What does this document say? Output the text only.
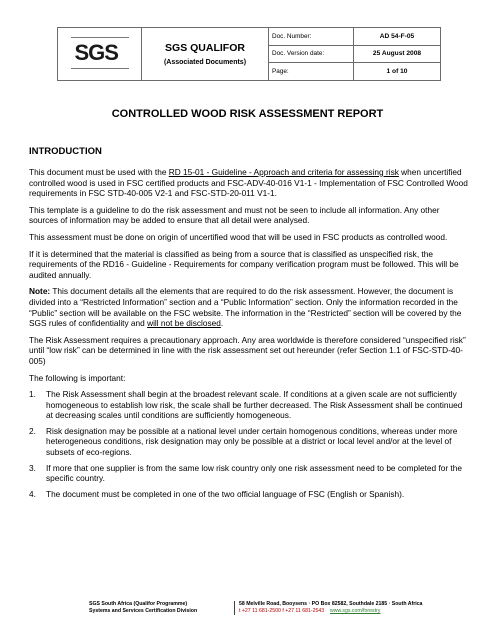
SGS	SGS QUALIFOR
(Associated Documents)	Doc. Number:	AD 54-F-05
		Doc. Version date:	25 August 2008
		Page:	1 of 10
CONTROLLED WOOD RISK ASSESSMENT REPORT
INTRODUCTION

This document must be used with the RD 15-01 - Guideline - Approach and criteria for assessing risk when uncertified controlled wood is used in FSC certified products and FSC-ADV-40-016 V1-1 - Implementation of FSC Controlled Wood requirements in FSC STD-40-005 V2-1 and FSC-STD-20-011 V1-1.

This template is a guideline to do the risk assessment and must not be seen to include all information. Any other sources of information may be added to ensure that all detail were analysed.

This assessment must be done on origin of uncertified wood that will be used in FSC products as controlled wood.

If it is determined that the material is classified as being from a source that is classified as unspecified risk, the requirements of the RD16 - Guideline - Requirements for company verification program must be followed. This will be audited annually.

Note: This document details all the elements that are required to do the risk assessment. However, the document is divided into a “Restricted Information” section and a “Public Information” section. Only the information recorded in the “Public” section will be available on the FSC website. The information in the “Restricted” section will be covered by the SGS rules of confidentiality and will not be disclosed.

The Risk Assessment requires a precautionary approach. Any area worldwide is therefore considered “unspecified risk” until “low risk” can be determined in line with the risk assessment set out hereunder (refer Section 1.1 of FSC-STD-40-005)

The following is important:

1.	The Risk Assessment shall begin at the broadest relevant scale. If conditions at a given scale are not sufficiently homogeneous to establish low risk, the scale shall be further decreased. The Risk Assessment shall be continued at decreasing scales until conditions are sufficiently homogeneous.
2.	Risk designation may be possible at a national level under certain homogenous conditions, whereas under more heterogeneous conditions, risk designation may only be possible at a district or local level and/or at the level of subsets of eco-regions.
3.	If more that one supplier is from the same low risk country only one risk assessment need to be completed for the specific country.
4.	The document must be completed in one of the two official language of FSC (English or Spanish).
SGS South Africa (Qualifor Programme)
Systems and Services Certification Division
58 Melville Road, Booysens · PO Box 82582, Southdale 2185 · South Africa
t +27 11 681-2500 f +27 11 681-2543 www.sgs.com/forestry
